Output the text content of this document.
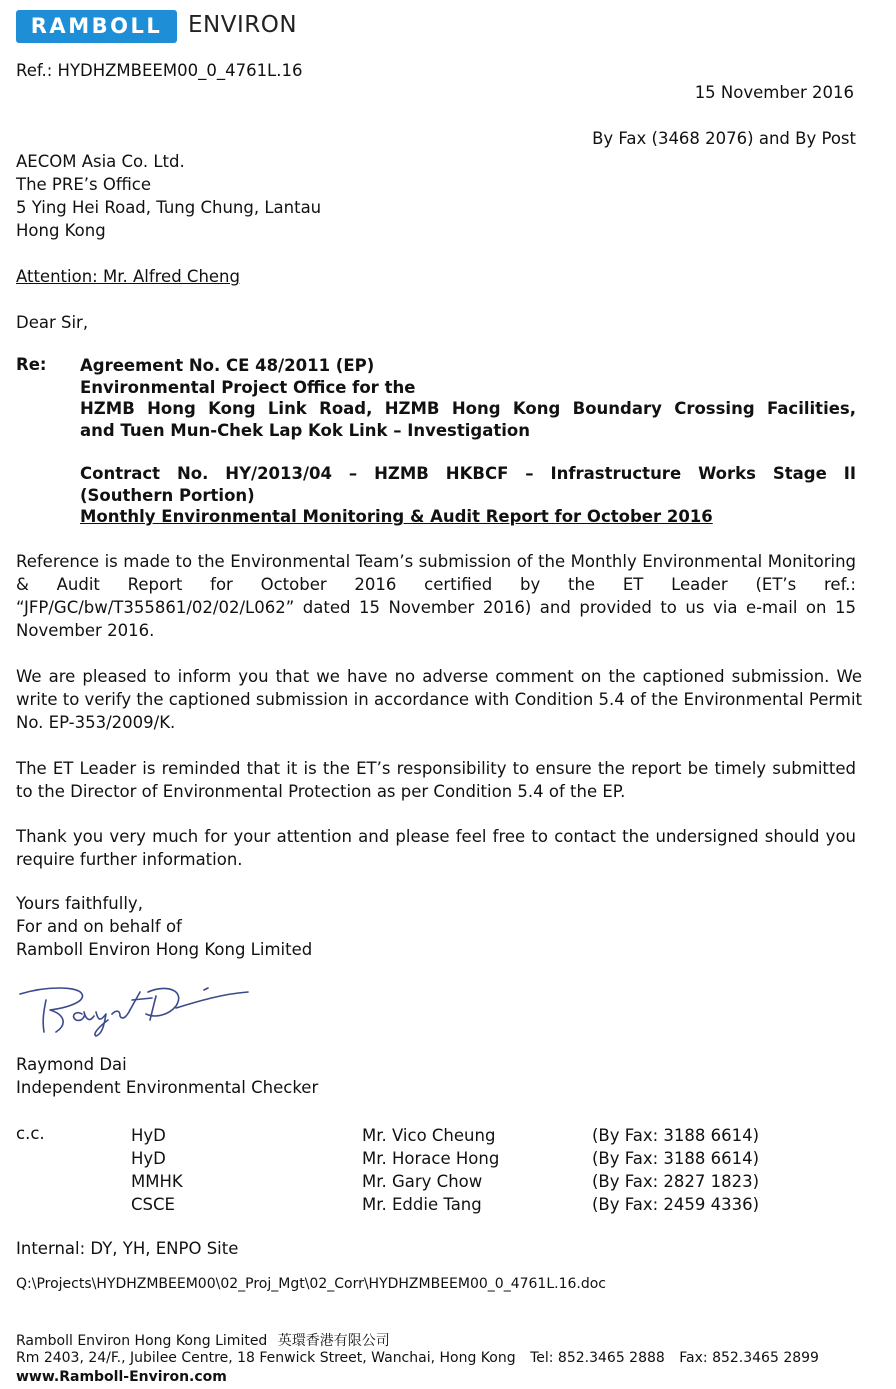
RAMBOLL	ENVIRON
Ref.: HYDHZMBEEM00_0_4761L.16
15 November 2016
By Fax (3468 2076) and By Post
AECOM Asia Co. Ltd.
The PRE’s Office
5 Ying Hei Road, Tung Chung, Lantau
Hong Kong
Attention: Mr. Alfred Cheng
Dear Sir,
Re: Agreement No. CE 48/2011 (EP)
Environmental Project Office for the
HZMB Hong Kong Link Road, HZMB Hong Kong Boundary Crossing Facilities,
and Tuen Mun-Chek Lap Kok Link – Investigation
Contract No. HY/2013/04 – HZMB HKBCF – Infrastructure Works Stage II
(Southern Portion)
Monthly Environmental Monitoring & Audit Report for October 2016
Reference is made to the Environmental Team’s submission of the Monthly Environmental Monitoring & Audit Report for October 2016 certified by the ET Leader (ET’s ref.: “JFP/GC/bw/T355861/02/02/L062” dated 15 November 2016) and provided to us via e-mail on 15 November 2016.
We are pleased to inform you that we have no adverse comment on the captioned submission. We write to verify the captioned submission in accordance with Condition 5.4 of the Environmental Permit No. EP-353/2009/K.
The ET Leader is reminded that it is the ET’s responsibility to ensure the report be timely submitted to the Director of Environmental Protection as per Condition 5.4 of the EP.
Thank you very much for your attention and please feel free to contact the undersigned should you require further information.
Yours faithfully,
For and on behalf of
Ramboll Environ Hong Kong Limited
Raymond Dai
Independent Environmental Checker
c.c.	HyD
HyD
MMHK
CSCE
Mr. Vico Cheung
Mr. Horace Hong
Mr. Gary Chow
Mr. Eddie Tang
(By Fax: 3188 6614)
(By Fax: 3188 6614)
(By Fax: 2827 1823)
(By Fax: 2459 4336)
Internal: DY, YH, ENPO Site
Q:\Projects\HYDHZMBEEM00\02_Proj_Mgt\02_Corr\HYDHZMBEEM00_0_4761L.16.doc
Ramboll Environ Hong Kong Limited 英環香港有限公司
Rm 2403, 24/F., Jubilee Centre, 18 Fenwick Street, Wanchai, Hong Kong Tel: 852.3465 2888 Fax: 852.3465 2899
www.Ramboll-Environ.com
